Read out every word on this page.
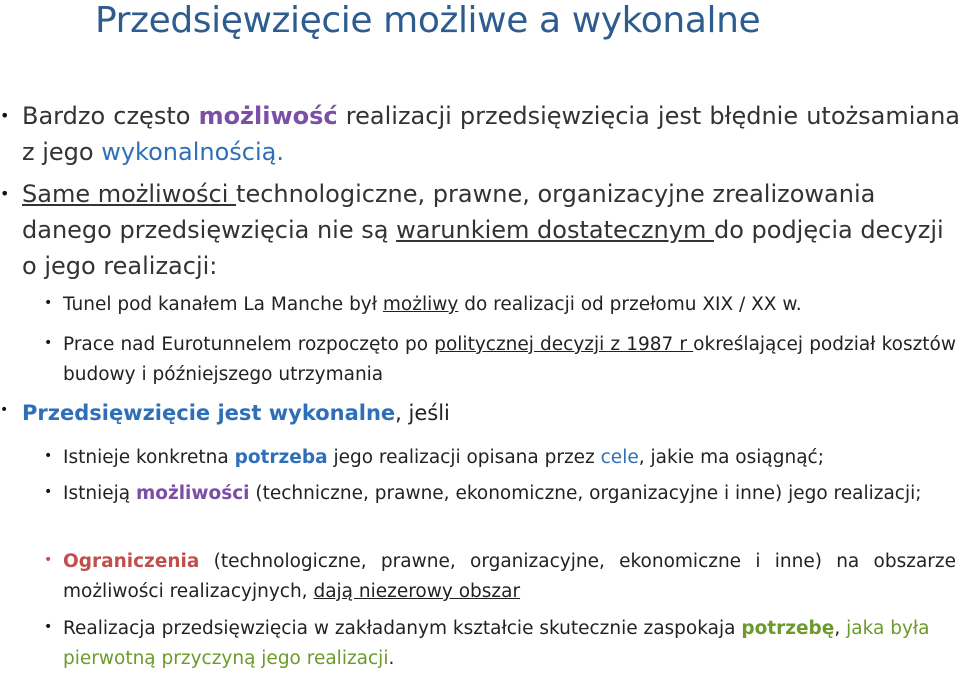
Przedsięwzięcie możliwe a wykonalne
• Bardzo często możliwość realizacji przedsięwzięcia jest błędnie utożsamiana z jego wykonalnością.
• Same możliwości technologiczne, prawne, organizacyjne zrealizowania danego przedsięwzięcia nie są warunkiem dostatecznym do podjęcia decyzji o jego realizacji:
• Tunel pod kanałem La Manche był możliwy do realizacji od przełomu XIX / XX w.
• Prace nad Eurotunnelem rozpoczęto po politycznej decyzji z 1987 r określającej podział kosztów budowy i późniejszego utrzymania
• Przedsięwzięcie jest wykonalne, jeśli
• Istnieje konkretna potrzeba jego realizacji opisana przez cele, jakie ma osiągnąć;
• Istnieją możliwości (techniczne, prawne, ekonomiczne, organizacyjne i inne) jego realizacji;
• Ograniczenia (technologiczne, prawne, organizacyjne, ekonomiczne i inne) na obszarze możliwości realizacyjnych, dają niezerowy obszar
• Realizacja przedsięwzięcia w zakładanym kształcie skutecznie zaspokaja potrzebę, jaka była pierwotną przyczyną jego realizacji.
